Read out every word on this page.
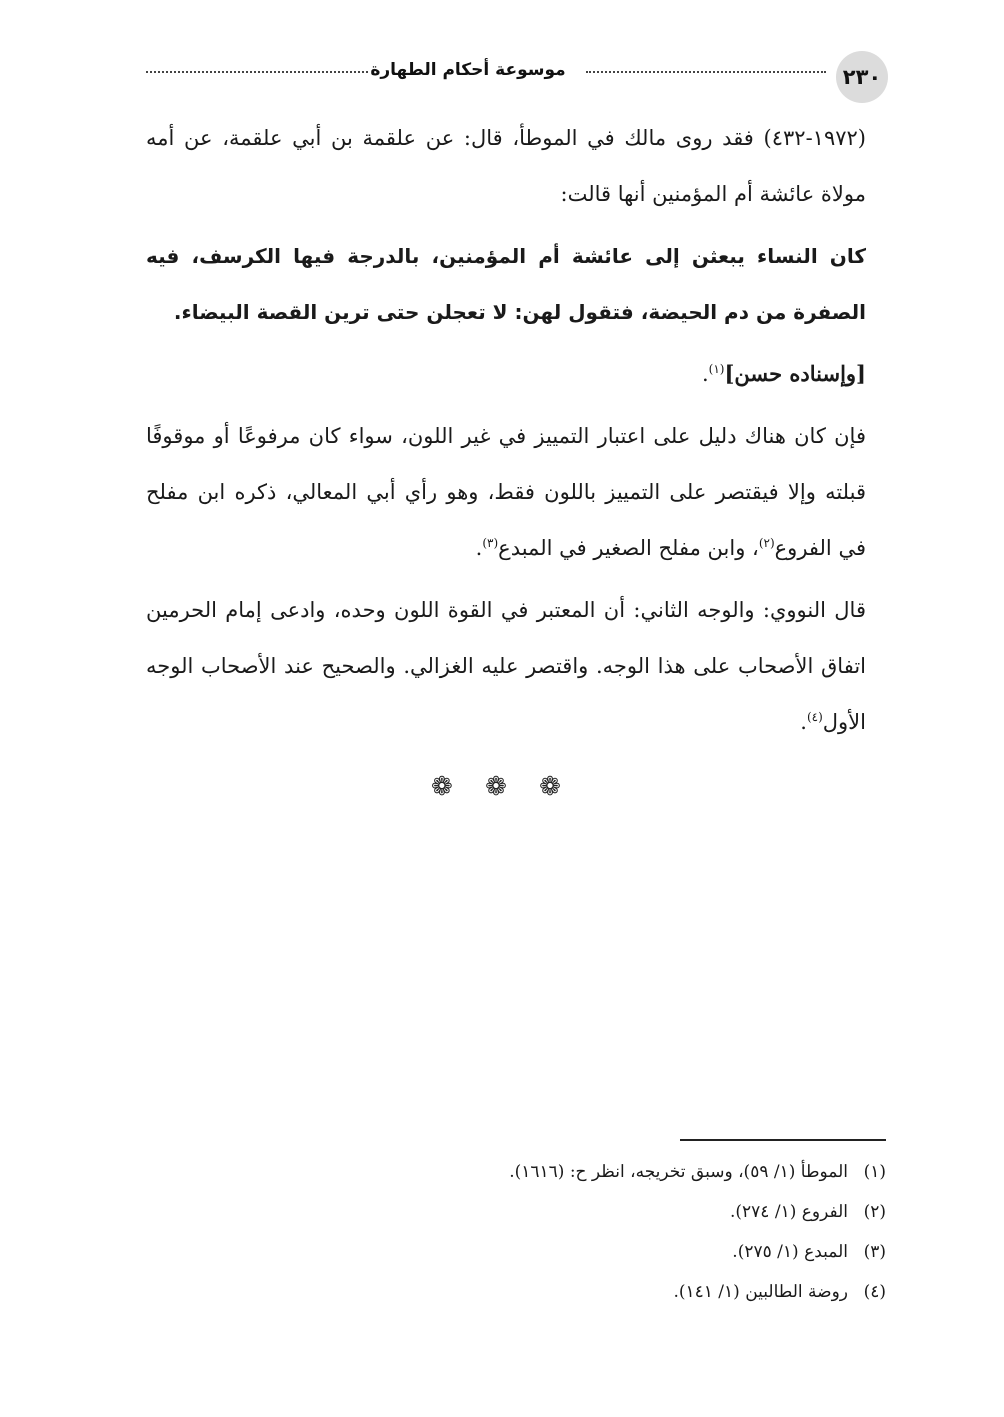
٢٣٠
موسوعة أحكام الطهارة

(١٩٧٢-٤٣٢) فقد روى مالك في الموطأ، قال: عن علقمة بن أبي علقمة، عن أمه مولاة عائشة أم المؤمنين أنها قالت:

كان النساء يبعثن إلى عائشة أم المؤمنين، بالدرجة فيها الكرسف، فيه الصفرة من دم الحيضة، فتقول لهن: لا تعجلن حتى ترين القصة البيضاء.

[وإسناده حسن]$^{(١)}$.

فإن كان هناك دليل على اعتبار التمييز في غير اللون، سواء كان مرفوعًا أو موقوفًا قبلته وإلا فيقتصر على التمييز باللون فقط، وهو رأي أبي المعالي، ذكره ابن مفلح في الفروع$^{(٢)}$، وابن مفلح الصغير في المبدع$^{(٣)}$.

قال النووي: والوجه الثاني: أن المعتبر في القوة اللون وحده، وادعى إمام الحرمين اتفاق الأصحاب على هذا الوجه. واقتصر عليه الغزالي. والصحيح عند الأصحاب الوجه الأول$^{(٤)}$.

❁ ❁ ❁
(١)الموطأ (١/ ٥٩)، وسبق تخريجه، انظر ح: (١٦١٦).
(٢)الفروع (١/ ٢٧٤).
(٣)المبدع (١/ ٢٧٥).
(٤)روضة الطالبين (١/ ١٤١).
